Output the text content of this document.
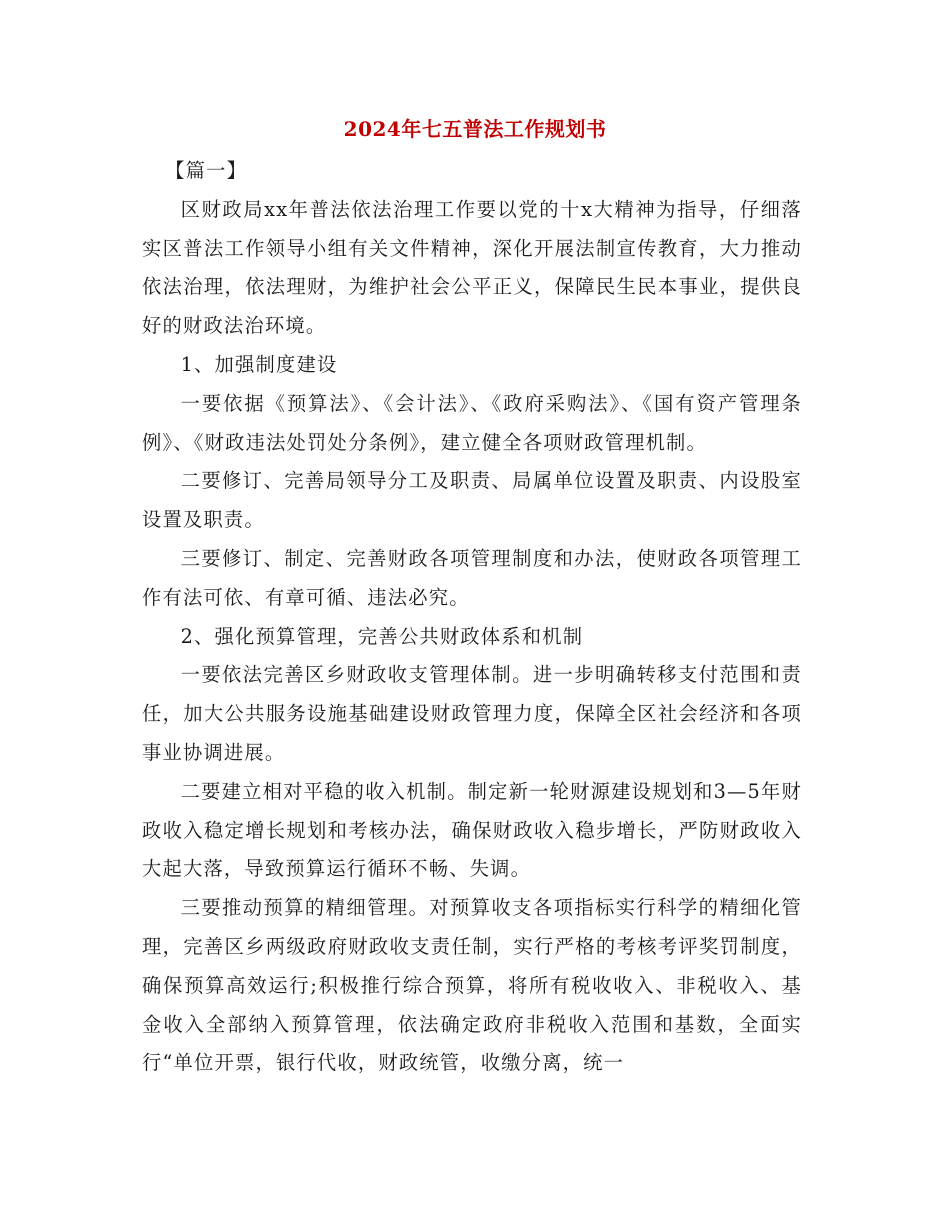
2024年七五普法工作规划书

【篇一】

区财政局xx年普法依法治理工作要以党的十x大精神为指导，仔细落实区普法工作领导小组有关文件精神，深化开展法制宣传教育，大力推动依法治理，依法理财，为维护社会公平正义，保障民生民本事业，提供良好的财政法治环境。

1、加强制度建设

一要依据《预算法》、《会计法》、《政府采购法》、《国有资产管理条例》、《财政违法处罚处分条例》，建立健全各项财政管理机制。

二要修订、完善局领导分工及职责、局属单位设置及职责、内设股室设置及职责。

三要修订、制定、完善财政各项管理制度和办法，使财政各项管理工作有法可依、有章可循、违法必究。

2、强化预算管理，完善公共财政体系和机制

一要依法完善区乡财政收支管理体制。进一步明确转移支付范围和责任，加大公共服务设施基础建设财政管理力度，保障全区社会经济和各项事业协调进展。

二要建立相对平稳的收入机制。制定新一轮财源建设规划和3—5年财政收入稳定增长规划和考核办法，确保财政收入稳步增长，严防财政收入大起大落，导致预算运行循环不畅、失调。

三要推动预算的精细管理。对预算收支各项指标实行科学的精细化管理，完善区乡两级政府财政收支责任制，实行严格的考核考评奖罚制度，确保预算高效运行;积极推行综合预算，将所有税收收入、非税收入、基金收入全部纳入预算管理，依法确定政府非税收入范围和基数，全面实行“单位开票，银行代收，财政统管，收缴分离，统一
